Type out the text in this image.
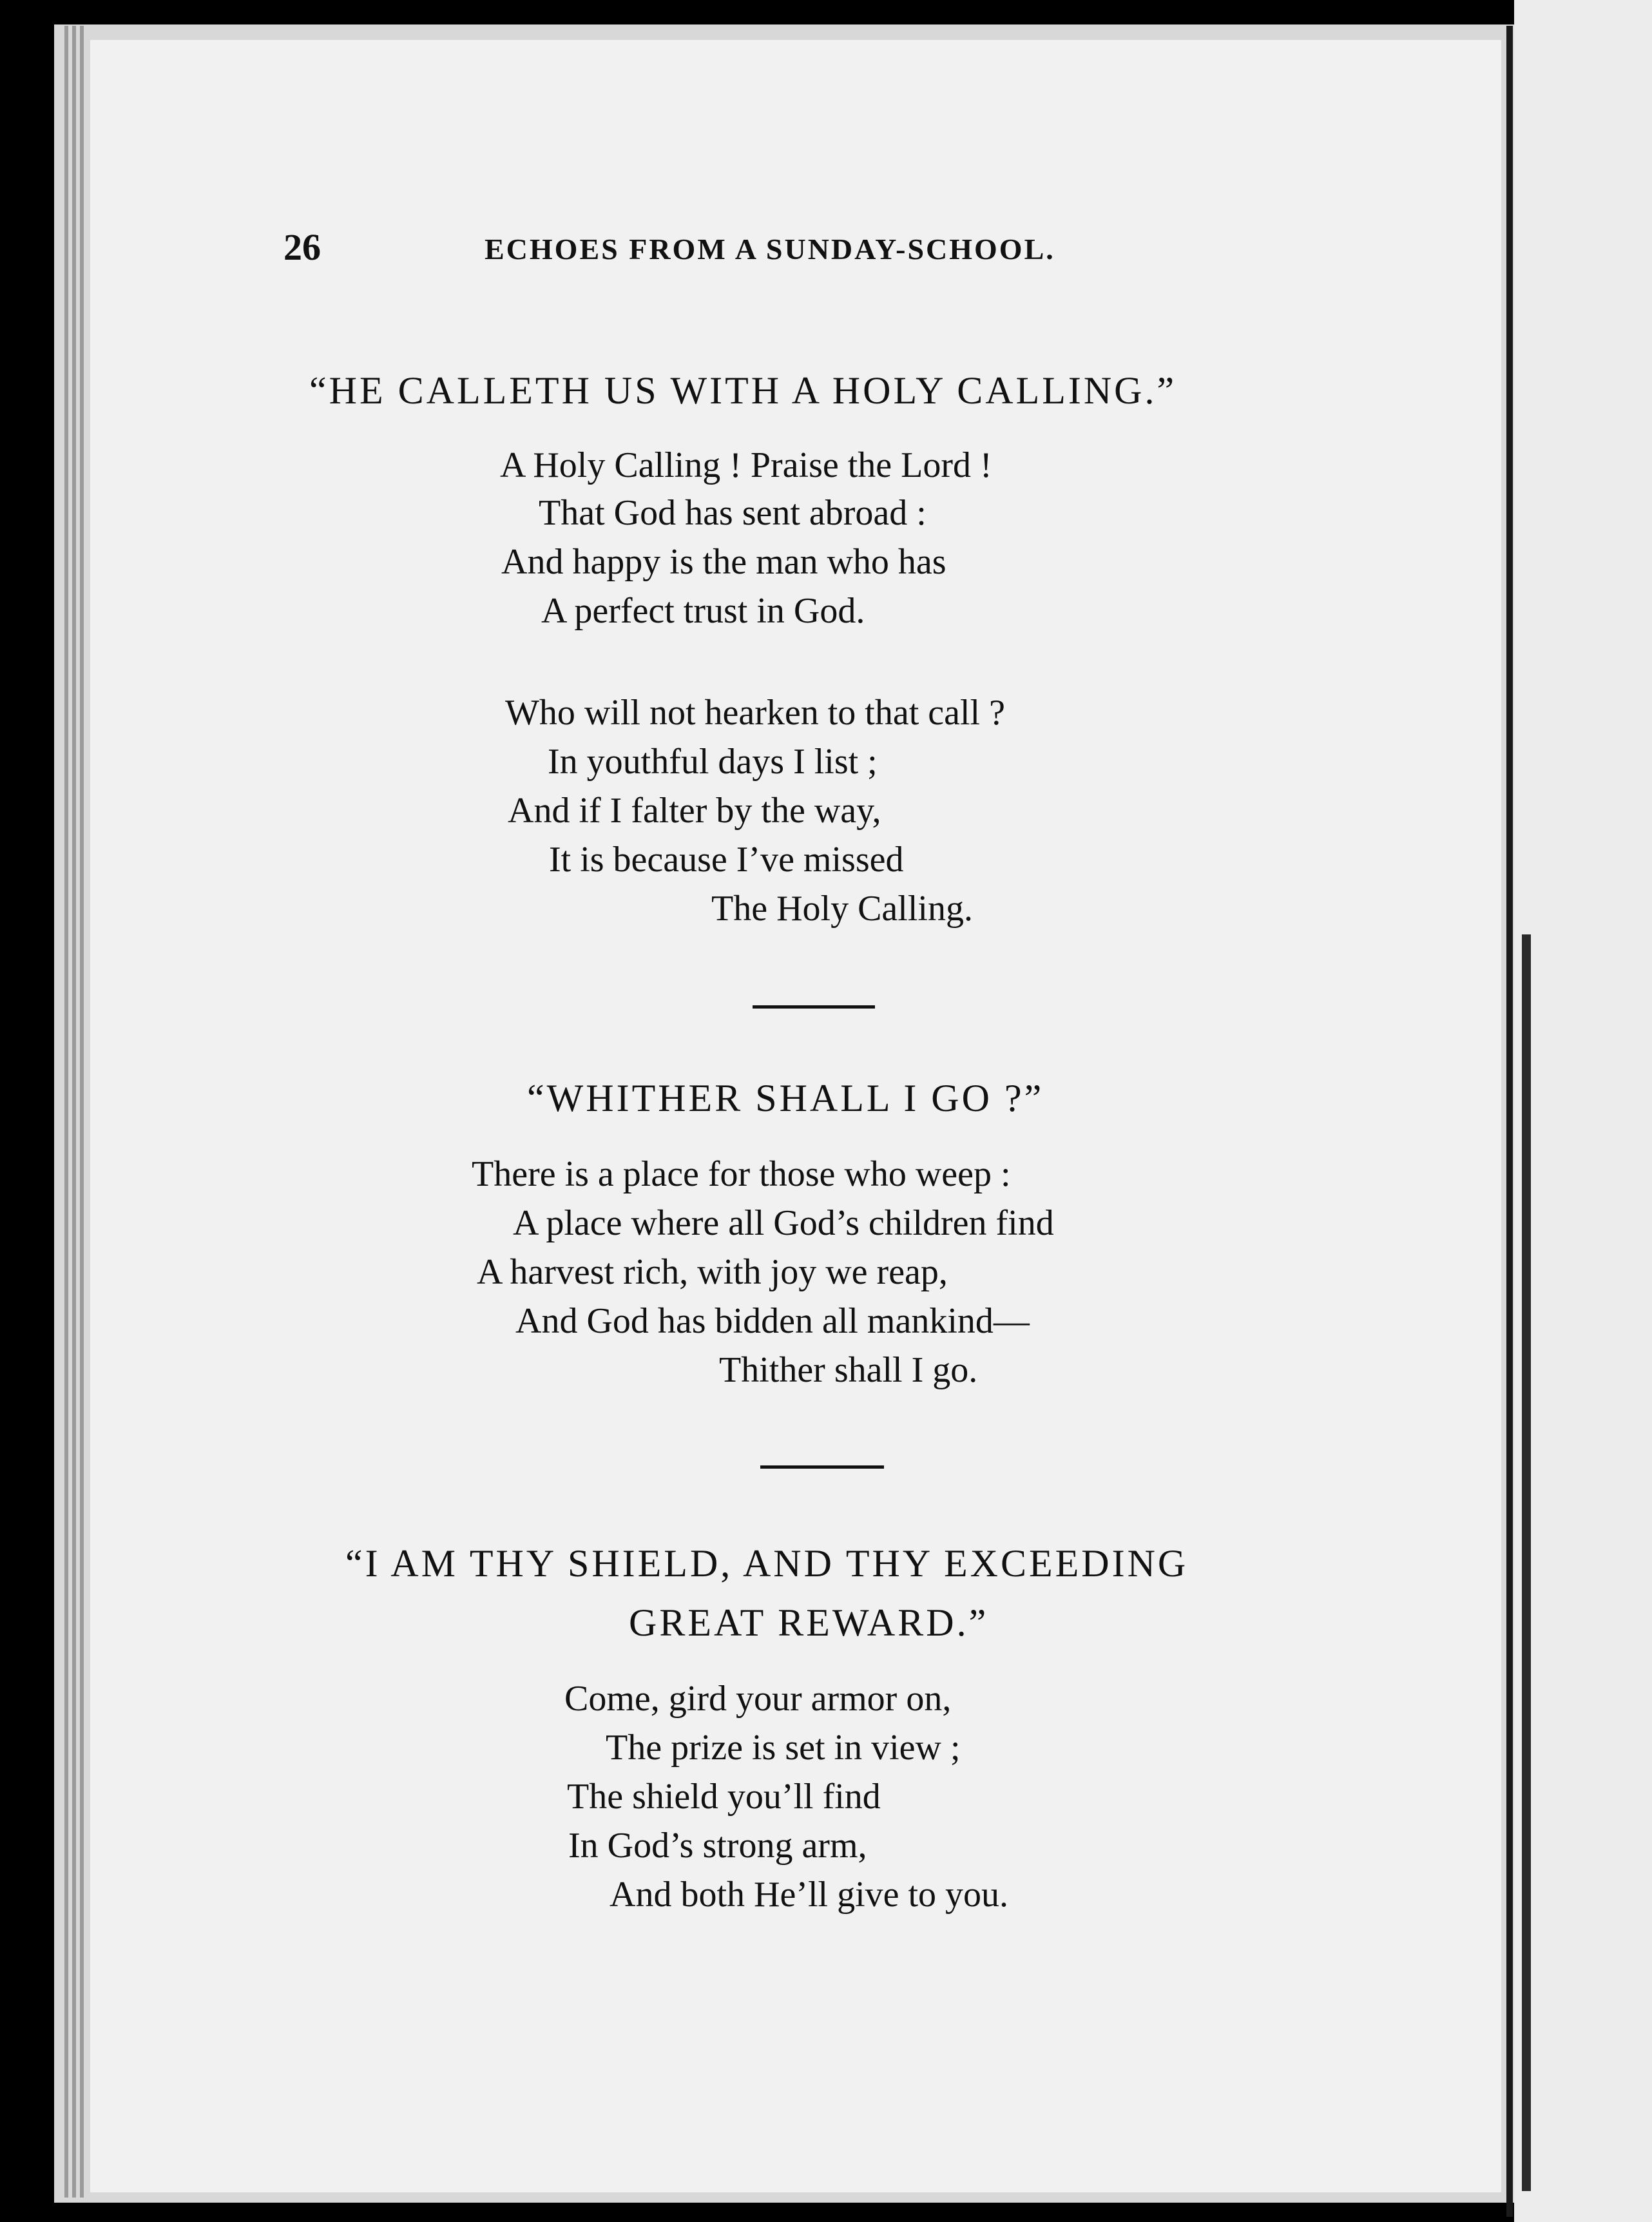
26	ECHOES FROM A SUNDAY-SCHOOL.
“HE CALLETH US WITH A HOLY CALLING.”
A Holy Calling ! Praise the Lord !
That God has sent abroad :
And happy is the man who has
A perfect trust in God.
Who will not hearken to that call ?
In youthful days I list ;
And if I falter by the way,
It is because I’ve missed
The Holy Calling.
“WHITHER SHALL I GO ?”
There is a place for those who weep :
A place where all God’s children find
A harvest rich, with joy we reap,
And God has bidden all mankind—
Thither shall I go.
“I AM THY SHIELD, AND THY EXCEEDING
GREAT REWARD.”
Come, gird your armor on,
The prize is set in view ;
The shield you’ll find
In God’s strong arm,
And both He’ll give to you.
